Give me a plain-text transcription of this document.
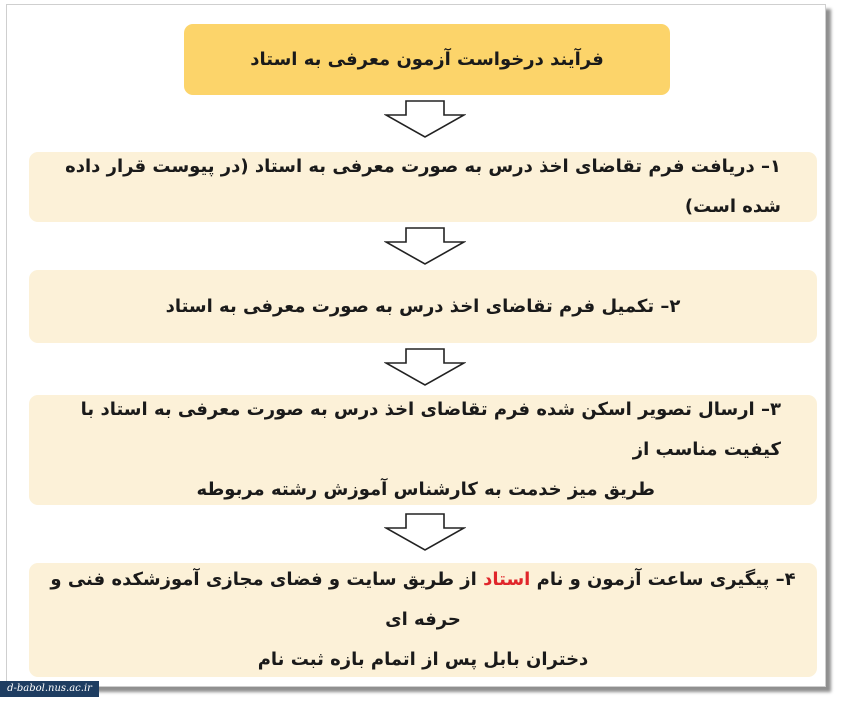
فرآیند درخواست آزمون معرفی به استاد
۱– دریافت فرم تقاضای اخذ درس به صورت معرفی به استاد (در پیوست قرار داده شده است)
۲– تکمیل فرم تقاضای اخذ درس به صورت معرفی به استاد
۳– ارسال تصویر اسکن شده فرم تقاضای اخذ درس به صورت معرفی به استاد با کیفیت مناسب از
طریق میز خدمت به کارشناس آموزش رشته مربوطه
۴– پیگیری ساعت آزمون و نام استاد از طریق سایت و فضای مجازی آموزشکده فنی و حرفه ای
دختران بابل پس از اتمام بازه ثبت نام
d-babol.nus.ac.ir
